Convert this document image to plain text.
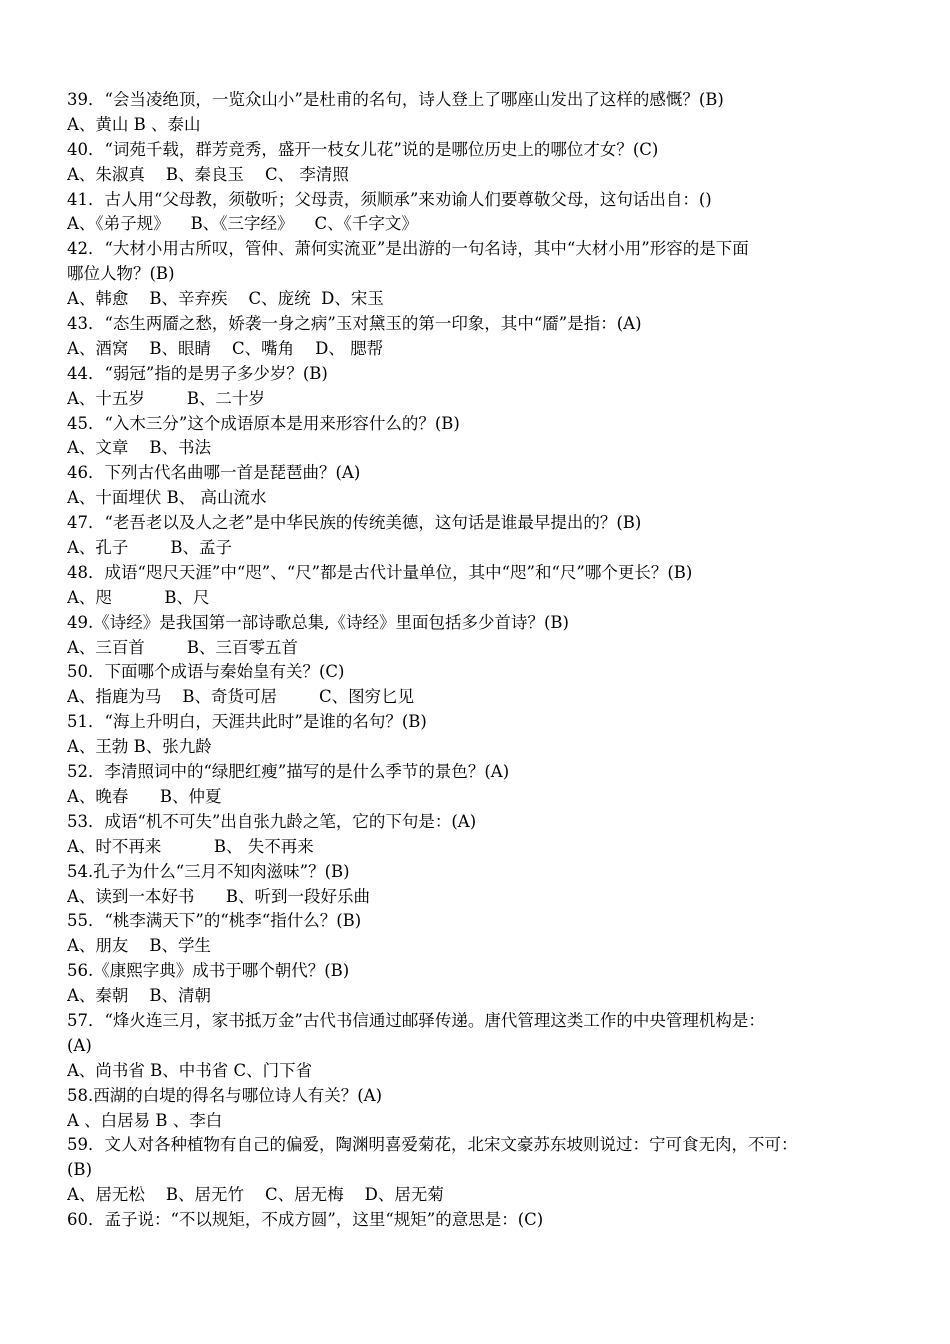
39．“会当凌绝顶，一览众山小”是杜甫的名句，诗人登上了哪座山发出了这样的感慨？(B)
A、黄山 B 、泰山
40．“词苑千载，群芳竞秀，盛开一枝女儿花”说的是哪位历史上的哪位才女？(C)
A、朱淑真    B、秦良玉    C、 李清照
41．古人用“父母教，须敬听；父母责，须顺承”来劝谕人们要尊敬父母，这句话出自：()
A、《弟子规》    B、《三字经》    C、《千字文》
42．“大材小用古所叹，管仲、萧何实流亚”是出游的一句名诗，其中“大材小用”形容的是下面
哪位人物？(B)
A、韩愈    B、辛弃疾    C、庞统  D、宋玉
43．“态生两靥之愁，娇袭一身之病”玉对黛玉的第一印象，其中“靥”是指：(A)
A、酒窝    B、眼睛    C、嘴角    D、 腮帮
44．“弱冠”指的是男子多少岁？(B)
A、十五岁        B、二十岁
45．“入木三分”这个成语原本是用来形容什么的？(B)
A、文章    B、书法
46．下列古代名曲哪一首是琵琶曲？(A)
A、十面埋伏 B、 高山流水
47．“老吾老以及人之老”是中华民族的传统美德，这句话是谁最早提出的？(B)
A、孔子        B、孟子
48．成语“咫尺天涯”中“咫”、“尺”都是古代计量单位，其中“咫”和“尺”哪个更长？(B)
A、咫          B、尺
49.《诗经》是我国第一部诗歌总集,《诗经》里面包括多少首诗？(B)
A、三百首        B、三百零五首
50．下面哪个成语与秦始皇有关？(C)
A、指鹿为马    B、奇货可居        C、图穷匕见
51．“海上升明白，天涯共此时”是谁的名句？(B)
A、王勃 B、张九龄
52．李清照词中的“绿肥红瘦”描写的是什么季节的景色？(A)
A、晚春      B、仲夏
53．成语“机不可失”出自张九龄之笔，它的下句是：(A)
A、时不再来          B、 失不再来
54.孔子为什么“三月不知肉滋味”？(B)
A、读到一本好书      B、听到一段好乐曲
55．“桃李满天下”的“桃李“指什么？(B)
A、朋友    B、学生
56.《康熙字典》成书于哪个朝代？(B)
A、秦朝    B、清朝
57．“烽火连三月，家书抵万金”古代书信通过邮驿传递。唐代管理这类工作的中央管理机构是：
(A)
A、尚书省 B、中书省 C、门下省
58.西湖的白堤的得名与哪位诗人有关？(A)
A 、白居易 B 、李白
59．文人对各种植物有自己的偏爱，陶渊明喜爱菊花，北宋文豪苏东坡则说过：宁可食无肉，不可：
(B)
A、居无松    B、居无竹    C、居无梅    D、居无菊
60．孟子说：“不以规矩，不成方圆”，这里“规矩”的意思是：(C)
